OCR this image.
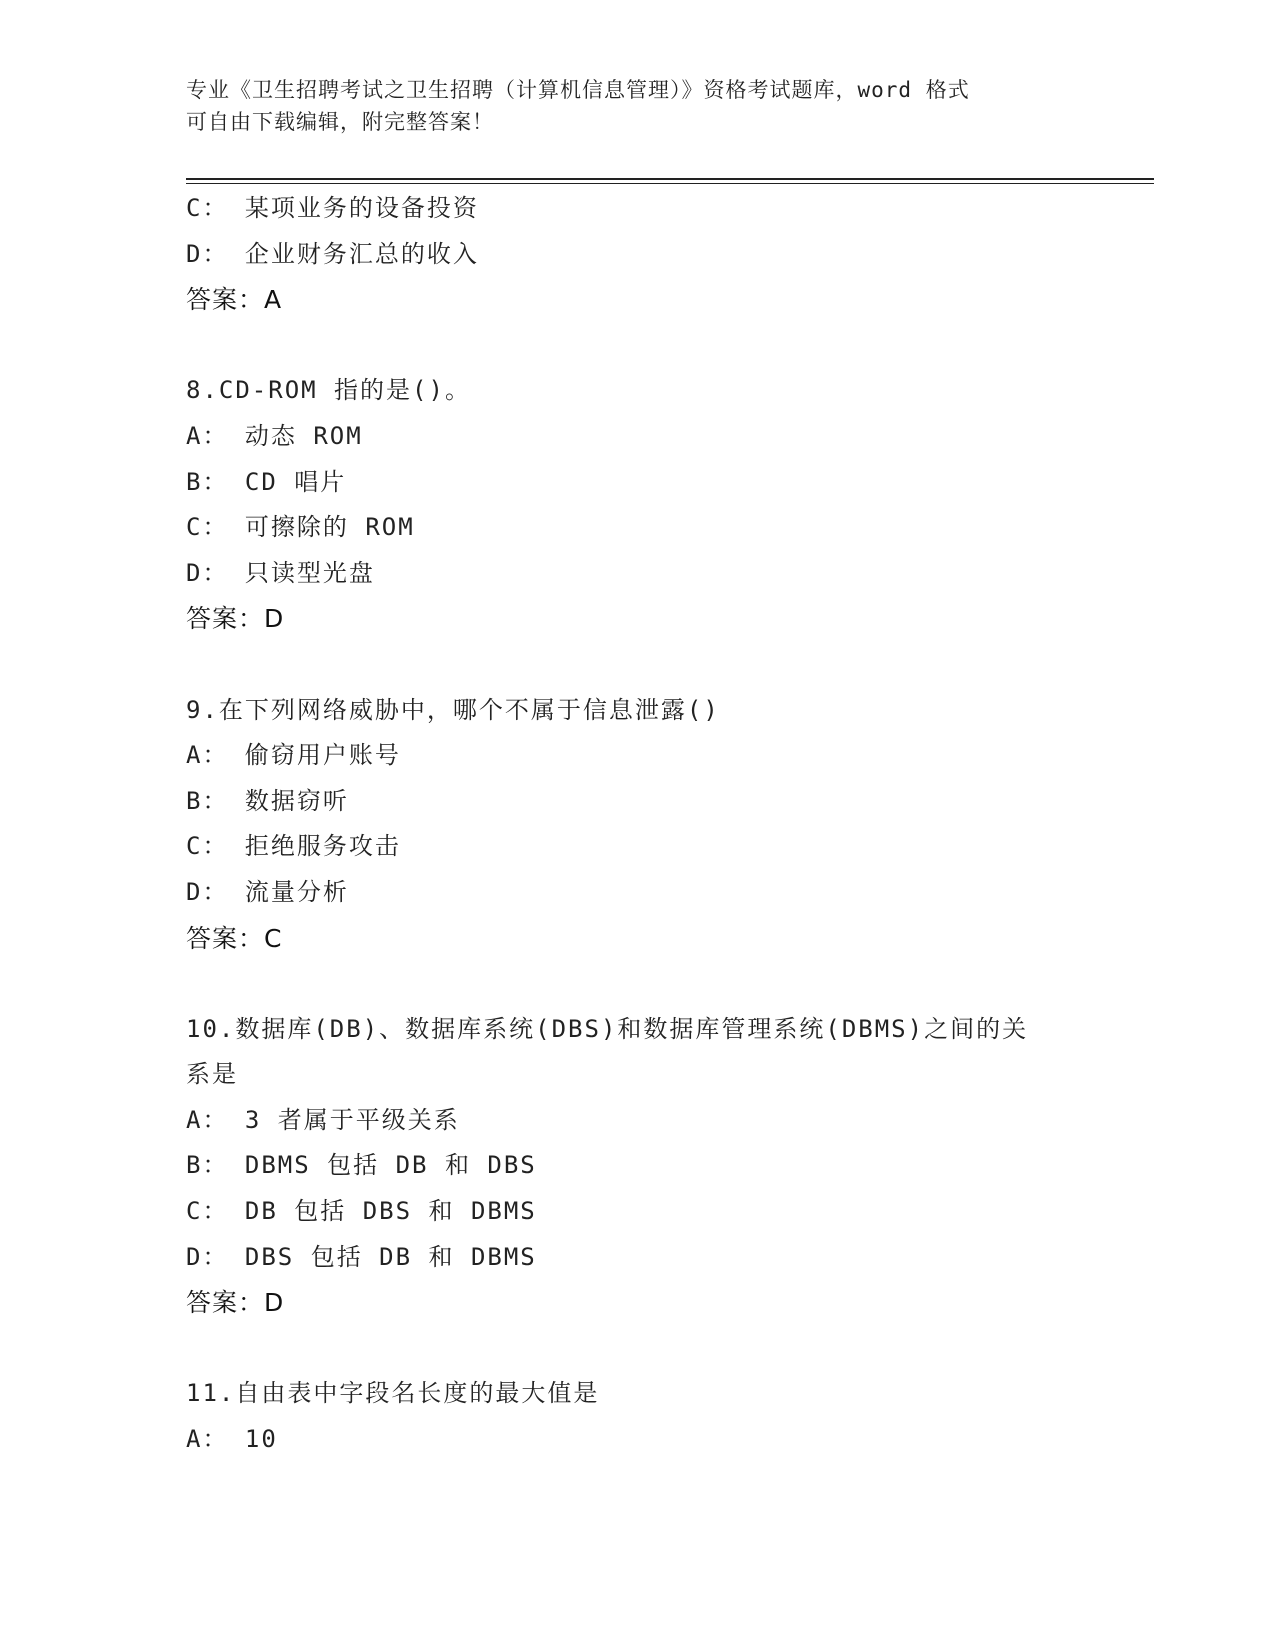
专业《卫生招聘考试之卫生招聘（计算机信息管理）》资格考试题库，word 格式
可自由下载编辑，附完整答案！
C： 某项业务的设备投资
D： 企业财务汇总的收入
答案：A
8.CD-ROM 指的是()。
A： 动态 ROM
B： CD 唱片
C： 可擦除的 ROM
D： 只读型光盘
答案：D
9.在下列网络威胁中，哪个不属于信息泄露()
A： 偷窃用户账号
B： 数据窃听
C： 拒绝服务攻击
D： 流量分析
答案：C
10.数据库(DB)、数据库系统(DBS)和数据库管理系统(DBMS)之间的关
系是
A： 3 者属于平级关系
B： DBMS 包括 DB 和 DBS
C： DB 包括 DBS 和 DBMS
D： DBS 包括 DB 和 DBMS
答案：D
11.自由表中字段名长度的最大值是
A： 10
